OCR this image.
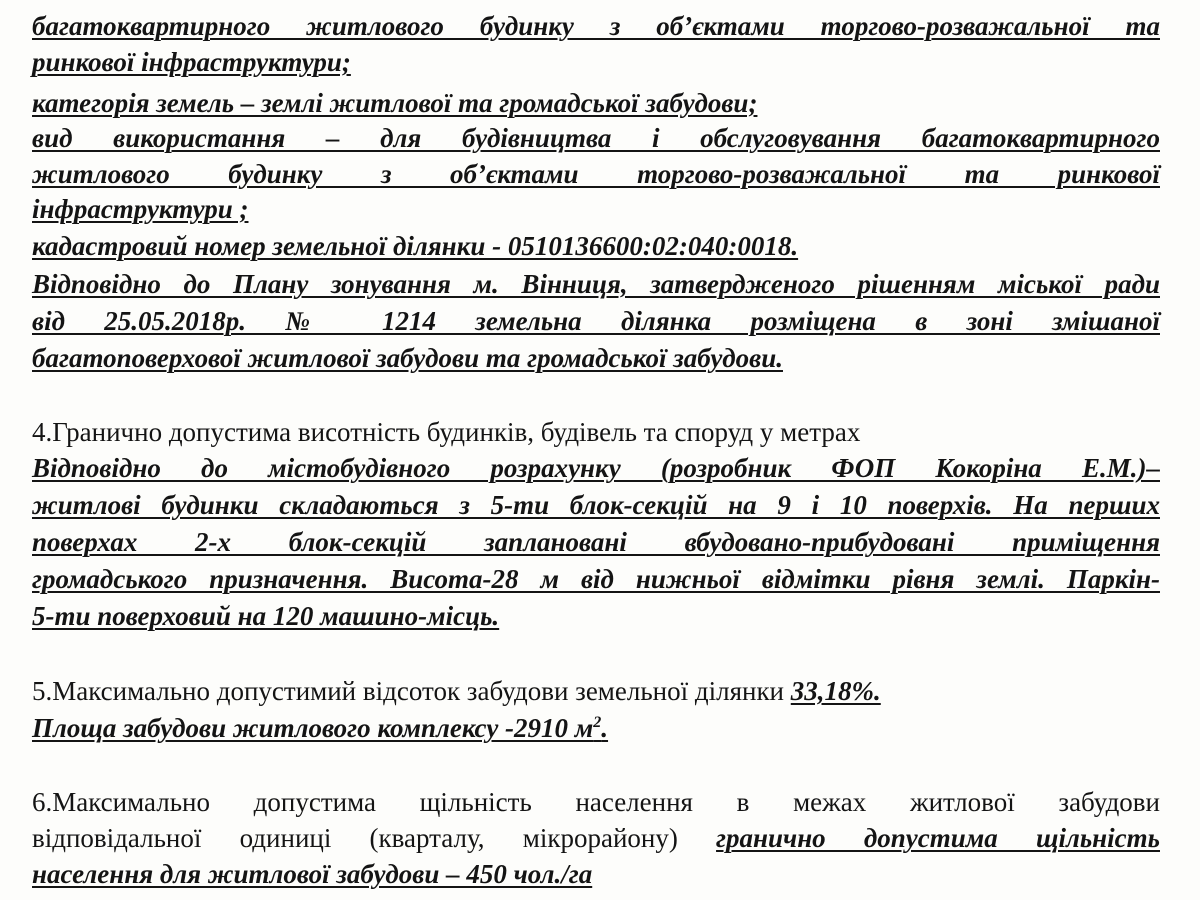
багатоквартирного житлового будинку з об’єктами торгово-розважальної та
ринкової інфраструктури;
категорія земель – землі житлової та громадської забудови;
вид використання – для будівництва і обслуговування багатоквартирного
житлового будинку з об’єктами торгово-розважальної та ринкової
інфраструктури ;
кадастровий номер земельної ділянки - 0510136600:02:040:0018.
Відповідно до Плану зонування м. Вінниця, затвердженого рішенням міської ради
від 25.05.2018р. № 1214 земельна ділянка розміщена в зоні змішаної
багатоповерхової житлової забудови та громадської забудови.
4.Гранично допустима висотність будинків, будівель та споруд у метрах
Відповідно до містобудівного розрахунку (розробник ФОП Кокоріна Е.М.)–
житлові будинки складаються з 5-ти блок-секцій на 9 і 10 поверхів. На перших
поверхах 2-х блок-секцій заплановані вбудовано-прибудовані приміщення
громадського призначення. Висота-28 м від нижньої відмітки рівня землі. Паркін-
5-ти поверховий на 120 машино-місць.
5.Максимально допустимий відсоток забудови земельної ділянки 33,18%.
Площа забудови житлового комплексу -2910 $м^2$.
6.Максимально допустима щільність населення в межах житлової забудови
відповідальної одиниці (кварталу, мікрорайону) гранично допустима щільність
населення для житлової забудови – 450 чол./га
